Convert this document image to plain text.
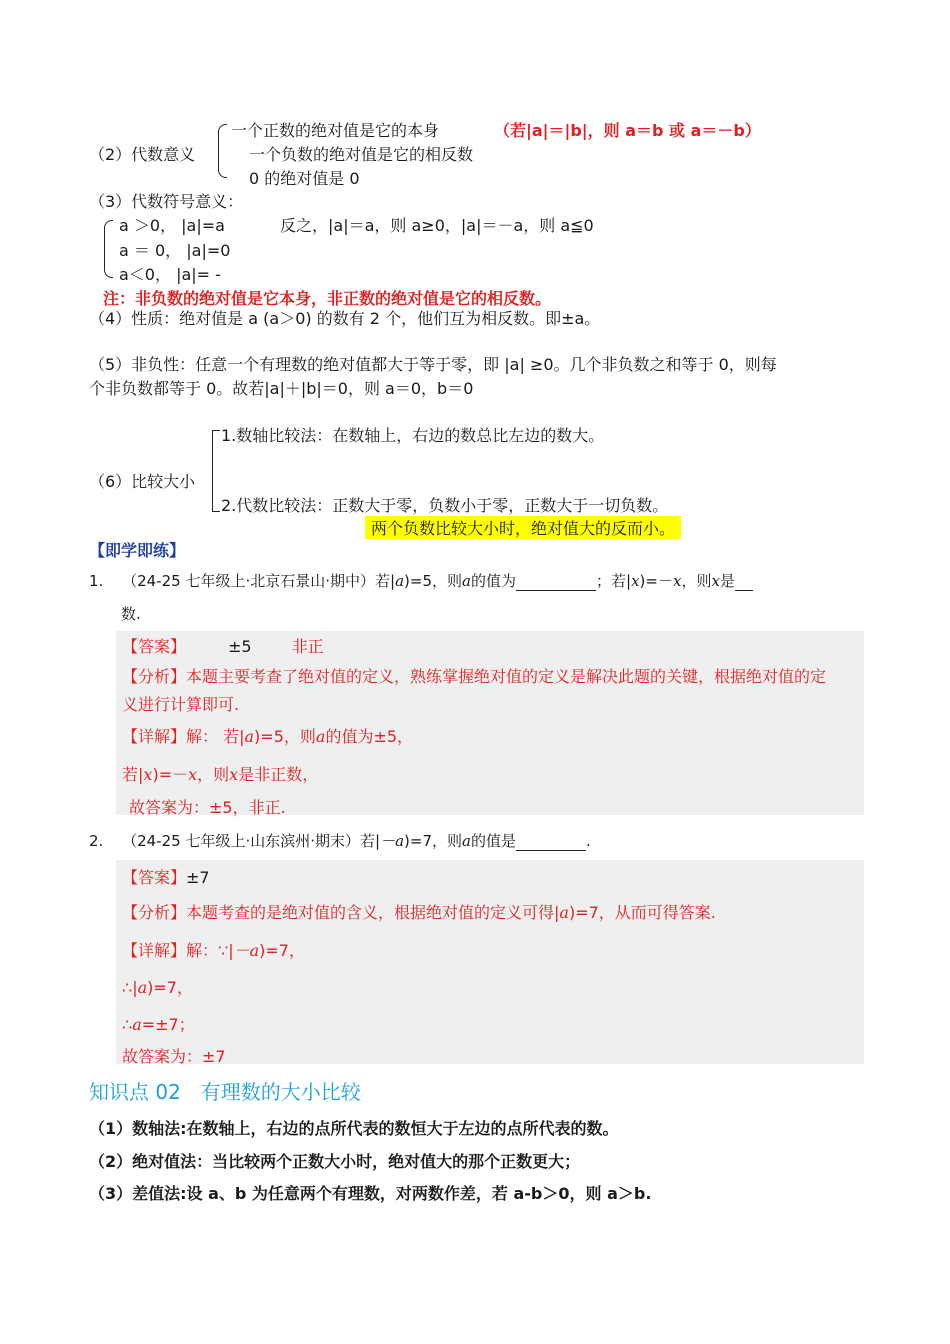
（2）代数意义
一个正数的绝对值是它的本身	（若|a|＝|b|，则 a＝b 或 a＝－b）
一个负数的绝对值是它的相反数
0 的绝对值是 0
（3）代数符号意义：
a ＞0， |a|=a	反之，|a|＝a，则 a≥0，|a|＝－a，则 a≦0
a ＝ 0， |a|=0
a＜0， |a|= -
注：非负数的绝对值是它本身，非正数的绝对值是它的相反数。
（4）性质：绝对值是 a (a＞0) 的数有 2 个，他们互为相反数。即±a。
（5）非负性：任意一个有理数的绝对值都大于等于零，即 |a| ≥0。几个非负数之和等于 0，则每
个非负数都等于 0。故若|a|＋|b|＝0，则 a＝0，b＝0
（6）比较大小
1.数轴比较法：在数轴上，右边的数总比左边的数大。
2.代数比较法：正数大于零，负数小于零，正数大于一切负数。
两个负数比较大小时，绝对值大的反而小。
【即学即练】
1. （24-25 七年级上·北京石景山·期中）若|a)=5，则a的值为	；若|x)=－x，则x是
数.
【答案】	±5	非正
【分析】本题主要考查了绝对值的定义，熟练掌握绝对值的定义是解决此题的关键，根据绝对值的定
义进行计算即可.
【详解】解： 若|a)=5，则a的值为±5，
若|x)=－x，则x是非正数，
故答案为：±5，非正.
2. （24-25 七年级上·山东滨州·期末）若|－a)=7，则a的值是	.
【答案】±7
【分析】本题考查的是绝对值的含义，根据绝对值的定义可得|a)=7，从而可得答案.
【详解】解：∵|－a)=7，
∴|a)=7，
∴a=±7；
故答案为：±7
知识点 02　有理数的大小比较
（1）数轴法:在数轴上，右边的点所代表的数恒大于左边的点所代表的数。
（2）绝对值法：当比较两个正数大小时，绝对值大的那个正数更大；
（3）差值法:设 a、b 为任意两个有理数，对两数作差，若 a-b＞0，则 a＞b.
